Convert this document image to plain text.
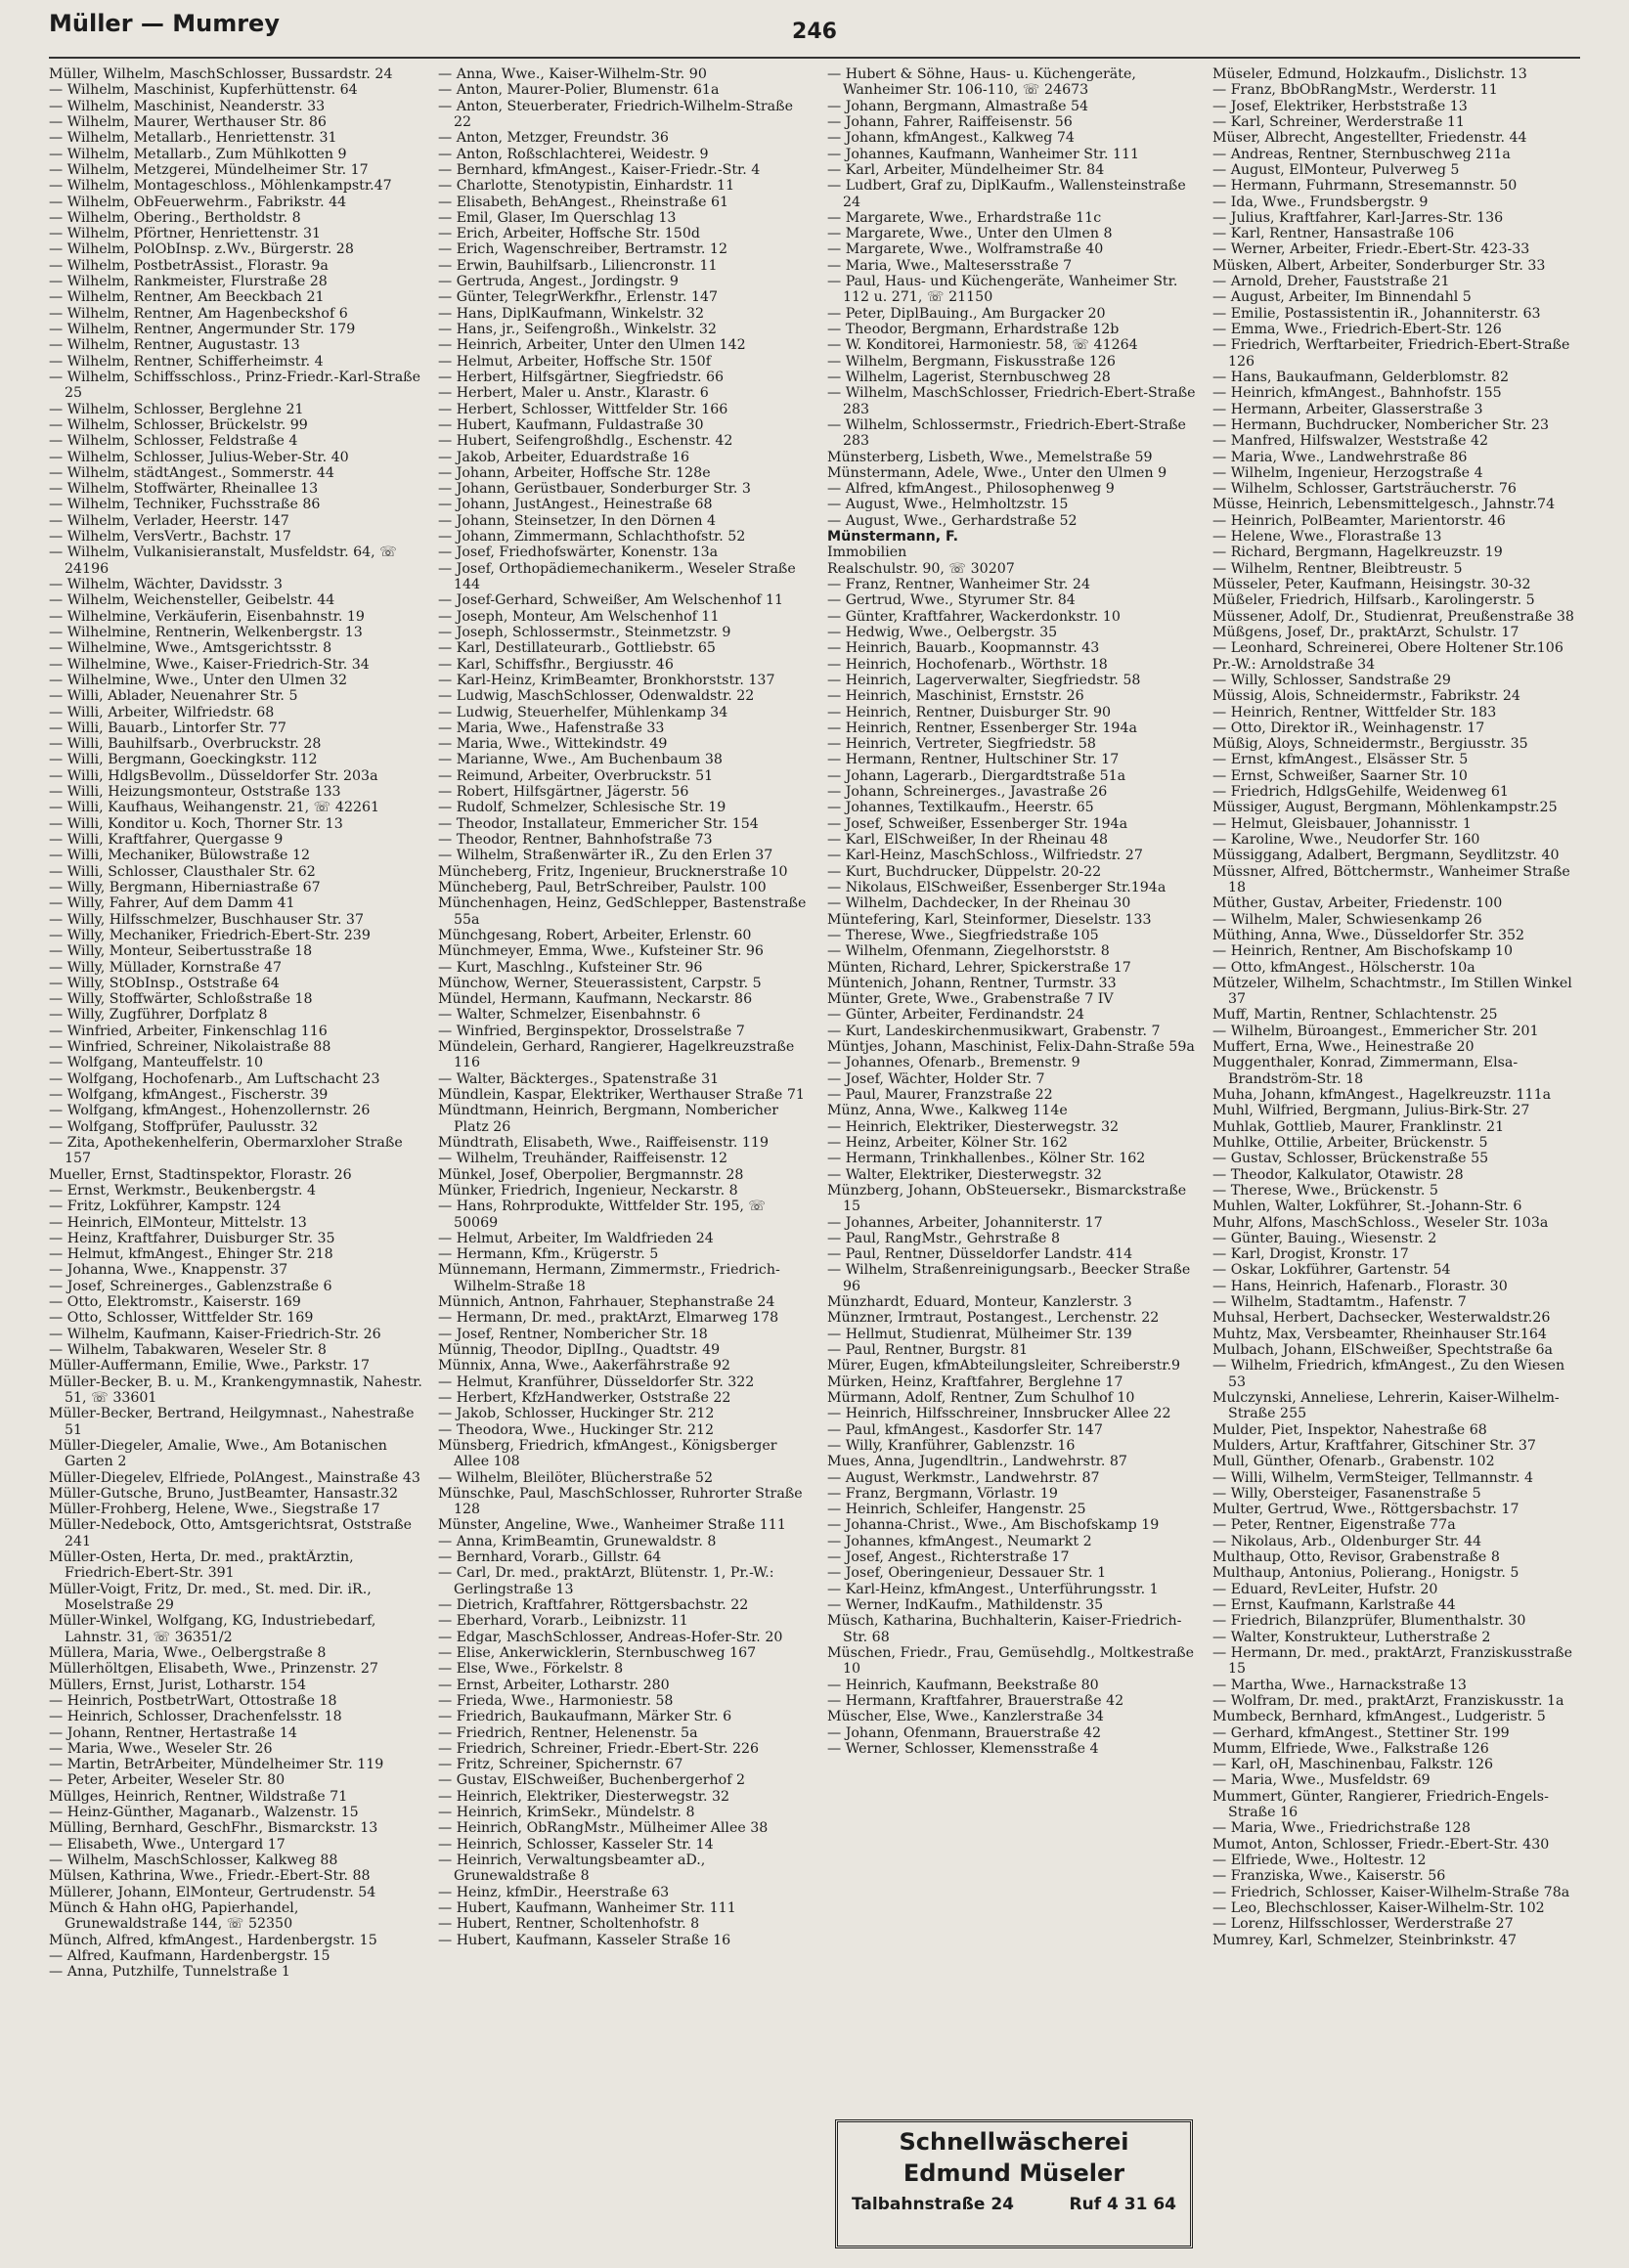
Müller — Mumrey	246
Müller, Wilhelm, MaschSchlosser, Bussardstr. 24
— Wilhelm, Maschinist, Kupferhüttenstr. 64
— Wilhelm, Maschinist, Neanderstr. 33
— Wilhelm, Maurer, Werthauser Str. 86
— Wilhelm, Metallarb., Henriettenstr. 31
— Wilhelm, Metallarb., Zum Mühlkotten 9
— Wilhelm, Metzgerei, Mündelheimer Str. 17
— Wilhelm, Montageschloss., Möhlenkampstr.47
— Wilhelm, ObFeuerwehrm., Fabrikstr. 44
— Wilhelm, Obering., Bertholdstr. 8
— Wilhelm, Pförtner, Henriettenstr. 31
— Wilhelm, PolObInsp. z.Wv., Bürgerstr. 28
— Wilhelm, PostbetrAssist., Florastr. 9a
— Wilhelm, Rankmeister, Flurstraße 28
— Wilhelm, Rentner, Am Beeckbach 21
— Wilhelm, Rentner, Am Hagenbeckshof 6
— Wilhelm, Rentner, Angermunder Str. 179
— Wilhelm, Rentner, Augustastr. 13
— Wilhelm, Rentner, Schifferheimstr. 4
— Wilhelm, Schiffsschloss., Prinz-Friedr.-Karl-Straße 25
— Wilhelm, Schlosser, Berglehne 21
— Wilhelm, Schlosser, Brückelstr. 99
— Wilhelm, Schlosser, Feldstraße 4
— Wilhelm, Schlosser, Julius-Weber-Str. 40
— Wilhelm, städtAngest., Sommerstr. 44
— Wilhelm, Stoffwärter, Rheinallee 13
— Wilhelm, Techniker, Fuchsstraße 86
— Wilhelm, Verlader, Heerstr. 147
— Wilhelm, VersVertr., Bachstr. 17
— Wilhelm, Vulkanisieranstalt, Musfeldstr. 64, ☏ 24196
— Wilhelm, Wächter, Davidsstr. 3
— Wilhelm, Weichensteller, Geibelstr. 44
— Wilhelmine, Verkäuferin, Eisenbahnstr. 19
— Wilhelmine, Rentnerin, Welkenbergstr. 13
— Wilhelmine, Wwe., Amtsgerichtsstr. 8
— Wilhelmine, Wwe., Kaiser-Friedrich-Str. 34
— Wilhelmine, Wwe., Unter den Ulmen 32
— Willi, Ablader, Neuenahrer Str. 5
— Willi, Arbeiter, Wilfriedstr. 68
— Willi, Bauarb., Lintorfer Str. 77
— Willi, Bauhilfsarb., Overbruckstr. 28
— Willi, Bergmann, Goeckingkstr. 112
— Willi, HdlgsBevollm., Düsseldorfer Str. 203a
— Willi, Heizungsmonteur, Oststraße 133
— Willi, Kaufhaus, Weihangenstr. 21, ☏ 42261
— Willi, Konditor u. Koch, Thorner Str. 13
— Willi, Kraftfahrer, Quergasse 9
— Willi, Mechaniker, Bülowstraße 12
— Willi, Schlosser, Clausthaler Str. 62
— Willy, Bergmann, Hiberniastraße 67
— Willy, Fahrer, Auf dem Damm 41
— Willy, Hilfsschmelzer, Buschhauser Str. 37
— Willy, Mechaniker, Friedrich-Ebert-Str. 239
— Willy, Monteur, Seibertusstraße 18
— Willy, Müllader, Kornstraße 47
— Willy, StObInsp., Oststraße 64
— Willy, Stoffwärter, Schloßstraße 18
— Willy, Zugführer, Dorfplatz 8
— Winfried, Arbeiter, Finkenschlag 116
— Winfried, Schreiner, Nikolaistraße 88
— Wolfgang, Manteuffelstr. 10
— Wolfgang, Hochofenarb., Am Luftschacht 23
— Wolfgang, kfmAngest., Fischerstr. 39
— Wolfgang, kfmAngest., Hohenzollernstr. 26
— Wolfgang, Stoffprüfer, Paulusstr. 32
— Zita, Apothekenhelferin, Obermarxloher Straße 157
Mueller, Ernst, Stadtinspektor, Florastr. 26
— Ernst, Werkmstr., Beukenbergstr. 4
— Fritz, Lokführer, Kampstr. 124
— Heinrich, ElMonteur, Mittelstr. 13
— Heinz, Kraftfahrer, Duisburger Str. 35
— Helmut, kfmAngest., Ehinger Str. 218
— Johanna, Wwe., Knappenstr. 37
— Josef, Schreinerges., Gablenzstraße 6
— Otto, Elektromstr., Kaiserstr. 169
— Otto, Schlosser, Wittfelder Str. 169
— Wilhelm, Kaufmann, Kaiser-Friedrich-Str. 26
— Wilhelm, Tabakwaren, Weseler Str. 8
Müller-Auffermann, Emilie, Wwe., Parkstr. 17
Müller-Becker, B. u. M., Krankengymnastik, Nahestr. 51, ☏ 33601
Müller-Becker, Bertrand, Heilgymnast., Nahestraße 51
Müller-Diegeler, Amalie, Wwe., Am Botanischen Garten 2
Müller-Diegelev, Elfriede, PolAngest., Mainstraße 43
Müller-Gutsche, Bruno, JustBeamter, Hansastr.32
Müller-Frohberg, Helene, Wwe., Siegstraße 17
Müller-Nedebock, Otto, Amtsgerichtsrat, Oststraße 241
Müller-Osten, Herta, Dr. med., praktÄrztin, Friedrich-Ebert-Str. 391
Müller-Voigt, Fritz, Dr. med., St. med. Dir. iR., Moselstraße 29
Müller-Winkel, Wolfgang, KG, Industriebedarf, Lahnstr. 31, ☏ 36351/2
Müllera, Maria, Wwe., Oelbergstraße 8
Müllerhöltgen, Elisabeth, Wwe., Prinzenstr. 27
Müllers, Ernst, Jurist, Lotharstr. 154
— Heinrich, PostbetrWart, Ottostraße 18
— Heinrich, Schlosser, Drachenfelsstr. 18
— Johann, Rentner, Hertastraße 14
— Maria, Wwe., Weseler Str. 26
— Martin, BetrArbeiter, Mündelheimer Str. 119
— Peter, Arbeiter, Weseler Str. 80
Müllges, Heinrich, Rentner, Wildstraße 71
— Heinz-Günther, Maganarb., Walzenstr. 15
Mülling, Bernhard, GeschFhr., Bismarckstr. 13
— Elisabeth, Wwe., Untergard 17
— Wilhelm, MaschSchlosser, Kalkweg 88
Mülsen, Kathrina, Wwe., Friedr.-Ebert-Str. 88
Müllerer, Johann, ElMonteur, Gertrudenstr. 54
Münch & Hahn oHG, Papierhandel, Grunewaldstraße 144, ☏ 52350
Münch, Alfred, kfmAngest., Hardenbergstr. 15
— Alfred, Kaufmann, Hardenbergstr. 15
— Anna, Putzhilfe, Tunnelstraße 1
— Anna, Wwe., Kaiser-Wilhelm-Str. 90
— Anton, Maurer-Polier, Blumenstr. 61a
— Anton, Steuerberater, Friedrich-Wilhelm-Straße 22
— Anton, Metzger, Freundstr. 36
— Anton, Roßschlachterei, Weidestr. 9
— Bernhard, kfmAngest., Kaiser-Friedr.-Str. 4
— Charlotte, Stenotypistin, Einhardstr. 11
— Elisabeth, BehAngest., Rheinstraße 61
— Emil, Glaser, Im Querschlag 13
— Erich, Arbeiter, Hoffsche Str. 150d
— Erich, Wagenschreiber, Bertramstr. 12
— Erwin, Bauhilfsarb., Liliencronstr. 11
— Gertruda, Angest., Jordingstr. 9
— Günter, TelegrWerkfhr., Erlenstr. 147
— Hans, DiplKaufmann, Winkelstr. 32
— Hans, jr., Seifengroßh., Winkelstr. 32
— Heinrich, Arbeiter, Unter den Ulmen 142
— Helmut, Arbeiter, Hoffsche Str. 150f
— Herbert, Hilfsgärtner, Siegfriedstr. 66
— Herbert, Maler u. Anstr., Klarastr. 6
— Herbert, Schlosser, Wittfelder Str. 166
— Hubert, Kaufmann, Fuldastraße 30
— Hubert, Seifengroßhdlg., Eschenstr. 42
— Jakob, Arbeiter, Eduardstraße 16
— Johann, Arbeiter, Hoffsche Str. 128e
— Johann, Gerüstbauer, Sonderburger Str. 3
— Johann, JustAngest., Heinestraße 68
— Johann, Steinsetzer, In den Dörnen 4
— Johann, Zimmermann, Schlachthofstr. 52
— Josef, Friedhofswärter, Konenstr. 13a
— Josef, Orthopädiemechanikerm., Weseler Straße 144
— Josef-Gerhard, Schweißer, Am Welschenhof 11
— Joseph, Monteur, Am Welschenhof 11
— Joseph, Schlossermstr., Steinmetzstr. 9
— Karl, Destillateurarb., Gottliebstr. 65
— Karl, Schiffsfhr., Bergiusstr. 46
— Karl-Heinz, KrimBeamter, Bronkhorststr. 137
— Ludwig, MaschSchlosser, Odenwaldstr. 22
— Ludwig, Steuerhelfer, Mühlenkamp 34
— Maria, Wwe., Hafenstraße 33
— Maria, Wwe., Wittekindstr. 49
— Marianne, Wwe., Am Buchenbaum 38
— Reimund, Arbeiter, Overbruckstr. 51
— Robert, Hilfsgärtner, Jägerstr. 56
— Rudolf, Schmelzer, Schlesische Str. 19
— Theodor, Installateur, Emmericher Str. 154
— Theodor, Rentner, Bahnhofstraße 73
— Wilhelm, Straßenwärter iR., Zu den Erlen 37
Müncheberg, Fritz, Ingenieur, Brucknerstraße 10
Müncheberg, Paul, BetrSchreiber, Paulstr. 100
Münchenhagen, Heinz, GedSchlepper, Bastenstraße 55a
Münchgesang, Robert, Arbeiter, Erlenstr. 60
Münchmeyer, Emma, Wwe., Kufsteiner Str. 96
— Kurt, Maschlng., Kufsteiner Str. 96
Münchow, Werner, Steuerassistent, Carpstr. 5
Mündel, Hermann, Kaufmann, Neckarstr. 86
— Walter, Schmelzer, Eisenbahnstr. 6
— Winfried, Berginspektor, Drosselstraße 7
Mündelein, Gerhard, Rangierer, Hagelkreuzstraße 116
— Walter, Bäckterges., Spatenstraße 31
Mündlein, Kaspar, Elektriker, Werthauser Straße 71
Mündtmann, Heinrich, Bergmann, Nombericher Platz 26
Mündtrath, Elisabeth, Wwe., Raiffeisenstr. 119
— Wilhelm, Treuhänder, Raiffeisenstr. 12
Münkel, Josef, Oberpolier, Bergmannstr. 28
Münker, Friedrich, Ingenieur, Neckarstr. 8
— Hans, Rohrprodukte, Wittfelder Str. 195, ☏ 50069
— Helmut, Arbeiter, Im Waldfrieden 24
— Hermann, Kfm., Krügerstr. 5
Münnemann, Hermann, Zimmermstr., Friedrich-Wilhelm-Straße 18
Münnich, Antnon, Fahrhauer, Stephanstraße 24
— Hermann, Dr. med., praktArzt, Elmarweg 178
— Josef, Rentner, Nombericher Str. 18
Münnig, Theodor, DiplIng., Quadtstr. 49
Münnix, Anna, Wwe., Aakerfährstraße 92
— Helmut, Kranführer, Düsseldorfer Str. 322
— Herbert, KfzHandwerker, Oststraße 22
— Jakob, Schlosser, Huckinger Str. 212
— Theodora, Wwe., Huckinger Str. 212
Münsberg, Friedrich, kfmAngest., Königsberger Allee 108
— Wilhelm, Bleilöter, Blücherstraße 52
Münschke, Paul, MaschSchlosser, Ruhrorter Straße 128
Münster, Angeline, Wwe., Wanheimer Straße 111
— Anna, KrimBeamtin, Grunewaldstr. 8
— Bernhard, Vorarb., Gillstr. 64
— Carl, Dr. med., praktArzt, Blütenstr. 1, Pr.-W.: Gerlingstraße 13
— Dietrich, Kraftfahrer, Röttgersbachstr. 22
— Eberhard, Vorarb., Leibnizstr. 11
— Edgar, MaschSchlosser, Andreas-Hofer-Str. 20
— Elise, Ankerwicklerin, Sternbuschweg 167
— Else, Wwe., Förkelstr. 8
— Ernst, Arbeiter, Lotharstr. 280
— Frieda, Wwe., Harmoniestr. 58
— Friedrich, Baukaufmann, Märker Str. 6
— Friedrich, Rentner, Helenenstr. 5a
— Friedrich, Schreiner, Friedr.-Ebert-Str. 226
— Fritz, Schreiner, Spichernstr. 67
— Gustav, ElSchweißer, Buchenbergerhof 2
— Heinrich, Elektriker, Diesterwegstr. 32
— Heinrich, KrimSekr., Mündelstr. 8
— Heinrich, ObRangMstr., Mülheimer Allee 38
— Heinrich, Schlosser, Kasseler Str. 14
— Heinrich, Verwaltungsbeamter aD., Grunewaldstraße 8
— Heinz, kfmDir., Heerstraße 63
— Hubert, Kaufmann, Wanheimer Str. 111
— Hubert, Rentner, Scholtenhofstr. 8
— Hubert, Kaufmann, Kasseler Straße 16
— Hubert & Söhne, Haus- u. Küchengeräte, Wanheimer Str. 106-110, ☏ 24673
— Johann, Bergmann, Almastraße 54
— Johann, Fahrer, Raiffeisenstr. 56
— Johann, kfmAngest., Kalkweg 74
— Johannes, Kaufmann, Wanheimer Str. 111
— Karl, Arbeiter, Mündelheimer Str. 84
— Ludbert, Graf zu, DiplKaufm., Wallensteinstraße 24
— Margarete, Wwe., Erhardstraße 11c
— Margarete, Wwe., Unter den Ulmen 8
— Margarete, Wwe., Wolframstraße 40
— Maria, Wwe., Maltesersstraße 7
— Paul, Haus- und Küchengeräte, Wanheimer Str. 112 u. 271, ☏ 21150
— Peter, DiplBauing., Am Burgacker 20
— Theodor, Bergmann, Erhardstraße 12b
— W. Konditorei, Harmoniestr. 58, ☏ 41264
— Wilhelm, Bergmann, Fiskusstraße 126
— Wilhelm, Lagerist, Sternbuschweg 28
— Wilhelm, MaschSchlosser, Friedrich-Ebert-Straße 283
— Wilhelm, Schlossermstr., Friedrich-Ebert-Straße 283
Münsterberg, Lisbeth, Wwe., Memelstraße 59
Münstermann, Adele, Wwe., Unter den Ulmen 9
— Alfred, kfmAngest., Philosophenweg 9
— August, Wwe., Helmholtzstr. 15
— August, Wwe., Gerhardstraße 52
Münstermann, F.
Immobilien
Realschulstr. 90, ☏ 30207
— Franz, Rentner, Wanheimer Str. 24
— Gertrud, Wwe., Styrumer Str. 84
— Günter, Kraftfahrer, Wackerdonkstr. 10
— Hedwig, Wwe., Oelbergstr. 35
— Heinrich, Bauarb., Koopmannstr. 43
— Heinrich, Hochofenarb., Wörthstr. 18
— Heinrich, Lagerverwalter, Siegfriedstr. 58
— Heinrich, Maschinist, Ernststr. 26
— Heinrich, Rentner, Duisburger Str. 90
— Heinrich, Rentner, Essenberger Str. 194a
— Heinrich, Vertreter, Siegfriedstr. 58
— Hermann, Rentner, Hultschiner Str. 17
— Johann, Lagerarb., Diergardtstraße 51a
— Johann, Schreinerges., Javastraße 26
— Johannes, Textilkaufm., Heerstr. 65
— Josef, Schweißer, Essenberger Str. 194a
— Karl, ElSchweißer, In der Rheinau 48
— Karl-Heinz, MaschSchloss., Wilfriedstr. 27
— Kurt, Buchdrucker, Düppelstr. 20-22
— Nikolaus, ElSchweißer, Essenberger Str.194a
— Wilhelm, Dachdecker, In der Rheinau 30
Müntefering, Karl, Steinformer, Dieselstr. 133
— Therese, Wwe., Siegfriedstraße 105
— Wilhelm, Ofenmann, Ziegelhorststr. 8
Münten, Richard, Lehrer, Spickerstraße 17
Müntenich, Johann, Rentner, Turmstr. 33
Münter, Grete, Wwe., Grabenstraße 7 IV
— Günter, Arbeiter, Ferdinandstr. 24
— Kurt, Landeskirchenmusikwart, Grabenstr. 7
Müntjes, Johann, Maschinist, Felix-Dahn-Straße 59a
— Johannes, Ofenarb., Bremenstr. 9
— Josef, Wächter, Holder Str. 7
— Paul, Maurer, Franzstraße 22
Münz, Anna, Wwe., Kalkweg 114e
— Heinrich, Elektriker, Diesterwegstr. 32
— Heinz, Arbeiter, Kölner Str. 162
— Hermann, Trinkhallenbes., Kölner Str. 162
— Walter, Elektriker, Diesterwegstr. 32
Münzberg, Johann, ObSteuersekr., Bismarckstraße 15
— Johannes, Arbeiter, Johanniterstr. 17
— Paul, RangMstr., Gehrstraße 8
— Paul, Rentner, Düsseldorfer Landstr. 414
— Wilhelm, Straßenreinigungsarb., Beecker Straße 96
Münzhardt, Eduard, Monteur, Kanzlerstr. 3
Münzner, Irmtraut, Postangest., Lerchenstr. 22
— Hellmut, Studienrat, Mülheimer Str. 139
— Paul, Rentner, Burgstr. 81
Mürer, Eugen, kfmAbteilungsleiter, Schreiberstr.9
Mürken, Heinz, Kraftfahrer, Berglehne 17
Mürmann, Adolf, Rentner, Zum Schulhof 10
— Heinrich, Hilfsschreiner, Innsbrucker Allee 22
— Paul, kfmAngest., Kasdorfer Str. 147
— Willy, Kranführer, Gablenzstr. 16
Mues, Anna, Jugendltrin., Landwehrstr. 87
— August, Werkmstr., Landwehrstr. 87
— Franz, Bergmann, Vörlastr. 19
— Heinrich, Schleifer, Hangenstr. 25
— Johanna-Christ., Wwe., Am Bischofskamp 19
— Johannes, kfmAngest., Neumarkt 2
— Josef, Angest., Richterstraße 17
— Josef, Oberingenieur, Dessauer Str. 1
— Karl-Heinz, kfmAngest., Unterführungsstr. 1
— Werner, IndKaufm., Mathildenstr. 35
Müsch, Katharina, Buchhalterin, Kaiser-Friedrich-Str. 68
Müschen, Friedr., Frau, Gemüsehdlg., Moltkestraße 10
— Heinrich, Kaufmann, Beekstraße 80
— Hermann, Kraftfahrer, Brauerstraße 42
Müscher, Else, Wwe., Kanzlerstraße 34
— Johann, Ofenmann, Brauerstraße 42
— Werner, Schlosser, Klemensstraße 4
Müseler, Edmund, Holzkaufm., Dislichstr. 13
— Franz, BbObRangMstr., Werderstr. 11
— Josef, Elektriker, Herbststraße 13
— Karl, Schreiner, Werderstraße 11
Müser, Albrecht, Angestellter, Friedenstr. 44
— Andreas, Rentner, Sternbuschweg 211a
— August, ElMonteur, Pulverweg 5
— Hermann, Fuhrmann, Stresemannstr. 50
— Ida, Wwe., Frundsbergstr. 9
— Julius, Kraftfahrer, Karl-Jarres-Str. 136
— Karl, Rentner, Hansastraße 106
— Werner, Arbeiter, Friedr.-Ebert-Str. 423-33
Müsken, Albert, Arbeiter, Sonderburger Str. 33
— Arnold, Dreher, Fauststraße 21
— August, Arbeiter, Im Binnendahl 5
— Emilie, Postassistentin iR., Johanniterstr. 63
— Emma, Wwe., Friedrich-Ebert-Str. 126
— Friedrich, Werftarbeiter, Friedrich-Ebert-Straße 126
— Hans, Baukaufmann, Gelderblomstr. 82
— Heinrich, kfmAngest., Bahnhofstr. 155
— Hermann, Arbeiter, Glasserstraße 3
— Hermann, Buchdrucker, Nombericher Str. 23
— Manfred, Hilfswalzer, Weststraße 42
— Maria, Wwe., Landwehrstraße 86
— Wilhelm, Ingenieur, Herzogstraße 4
— Wilhelm, Schlosser, Gartsträucherstr. 76
Müsse, Heinrich, Lebensmittelgesch., Jahnstr.74
— Heinrich, PolBeamter, Marientorstr. 46
— Helene, Wwe., Florastraße 13
— Richard, Bergmann, Hagelkreuzstr. 19
— Wilhelm, Rentner, Bleibtreustr. 5
Müsseler, Peter, Kaufmann, Heisingstr. 30-32
Müßeler, Friedrich, Hilfsarb., Karolingerstr. 5
Müssener, Adolf, Dr., Studienrat, Preußenstraße 38
Müßgens, Josef, Dr., praktArzt, Schulstr. 17
— Leonhard, Schreinerei, Obere Holtener Str.106
Pr.-W.: Arnoldstraße 34
— Willy, Schlosser, Sandstraße 29
Müssig, Alois, Schneidermstr., Fabrikstr. 24
— Heinrich, Rentner, Wittfelder Str. 183
— Otto, Direktor iR., Weinhagenstr. 17
Müßig, Aloys, Schneidermstr., Bergiusstr. 35
— Ernst, kfmAngest., Elsässer Str. 5
— Ernst, Schweißer, Saarner Str. 10
— Friedrich, HdlgsGehilfe, Weidenweg 61
Müssiger, August, Bergmann, Möhlenkampstr.25
— Helmut, Gleisbauer, Johannisstr. 1
— Karoline, Wwe., Neudorfer Str. 160
Müssiggang, Adalbert, Bergmann, Seydlitzstr. 40
Müssner, Alfred, Böttchermstr., Wanheimer Straße 18
Müther, Gustav, Arbeiter, Friedenstr. 100
— Wilhelm, Maler, Schwiesenkamp 26
Müthing, Anna, Wwe., Düsseldorfer Str. 352
— Heinrich, Rentner, Am Bischofskamp 10
— Otto, kfmAngest., Hölscherstr. 10a
Mützeler, Wilhelm, Schachtmstr., Im Stillen Winkel 37
Muff, Martin, Rentner, Schlachtenstr. 25
— Wilhelm, Büroangest., Emmericher Str. 201
Muffert, Erna, Wwe., Heinestraße 20
Muggenthaler, Konrad, Zimmermann, Elsa-Brandström-Str. 18
Muha, Johann, kfmAngest., Hagelkreuzstr. 111a
Muhl, Wilfried, Bergmann, Julius-Birk-Str. 27
Muhlak, Gottlieb, Maurer, Franklinstr. 21
Muhlke, Ottilie, Arbeiter, Brückenstr. 5
— Gustav, Schlosser, Brückenstraße 55
— Theodor, Kalkulator, Otawistr. 28
— Therese, Wwe., Brückenstr. 5
Muhlen, Walter, Lokführer, St.-Johann-Str. 6
Muhr, Alfons, MaschSchloss., Weseler Str. 103a
— Günter, Bauing., Wiesenstr. 2
— Karl, Drogist, Kronstr. 17
— Oskar, Lokführer, Gartenstr. 54
— Hans, Heinrich, Hafenarb., Florastr. 30
— Wilhelm, Stadtamtm., Hafenstr. 7
Muhsal, Herbert, Dachsecker, Westerwaldstr.26
Muhtz, Max, Versbeamter, Rheinhauser Str.164
Mulbach, Johann, ElSchweißer, Spechtstraße 6a
— Wilhelm, Friedrich, kfmAngest., Zu den Wiesen 53
Mulczynski, Anneliese, Lehrerin, Kaiser-Wilhelm-Straße 255
Mulder, Piet, Inspektor, Nahestraße 68
Mulders, Artur, Kraftfahrer, Gitschiner Str. 37
Mull, Günther, Ofenarb., Grabenstr. 102
— Willi, Wilhelm, VermSteiger, Tellmannstr. 4
— Willy, Obersteiger, Fasanenstraße 5
Multer, Gertrud, Wwe., Röttgersbachstr. 17
— Peter, Rentner, Eigenstraße 77a
— Nikolaus, Arb., Oldenburger Str. 44
Multhaup, Otto, Revisor, Grabenstraße 8
Multhaup, Antonius, Polierang., Honigstr. 5
— Eduard, RevLeiter, Hufstr. 20
— Ernst, Kaufmann, Karlstraße 44
— Friedrich, Bilanzprüfer, Blumenthalstr. 30
— Walter, Konstrukteur, Lutherstraße 2
— Hermann, Dr. med., praktArzt, Franziskusstraße 15
— Martha, Wwe., Harnackstraße 13
— Wolfram, Dr. med., praktArzt, Franziskusstr. 1a
Mumbeck, Bernhard, kfmAngest., Ludgeristr. 5
— Gerhard, kfmAngest., Stettiner Str. 199
Mumm, Elfriede, Wwe., Falkstraße 126
— Karl, oH, Maschinenbau, Falkstr. 126
— Maria, Wwe., Musfeldstr. 69
Mummert, Günter, Rangierer, Friedrich-Engels-Straße 16
— Maria, Wwe., Friedrichstraße 128
Mumot, Anton, Schlosser, Friedr.-Ebert-Str. 430
— Elfriede, Wwe., Holtestr. 12
— Franziska, Wwe., Kaiserstr. 56
— Friedrich, Schlosser, Kaiser-Wilhelm-Straße 78a
— Leo, Blechschlosser, Kaiser-Wilhelm-Str. 102
— Lorenz, Hilfsschlosser, Werderstraße 27
Mumrey, Karl, Schmelzer, Steinbrinkstr. 47
Schnellwäscherei
Edmund Müseler
Talbahnstraße 24	Ruf 4 31 64
